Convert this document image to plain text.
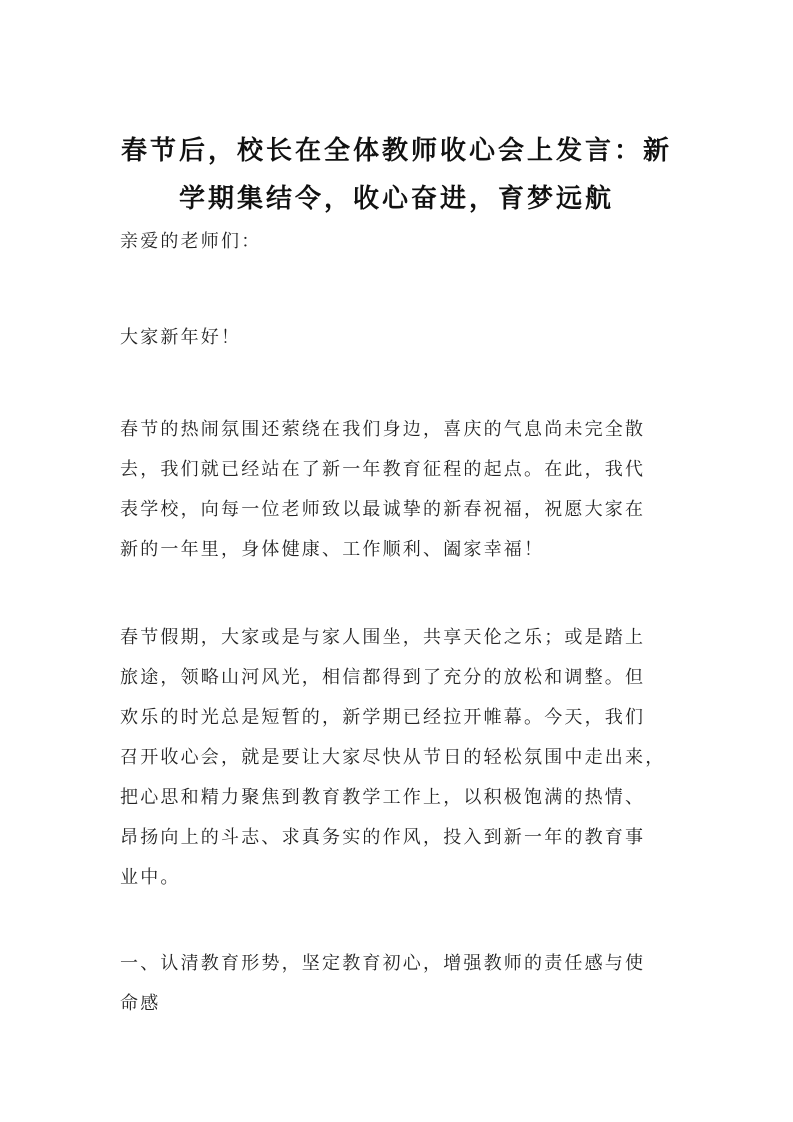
春节后，校长在全体教师收心会上发言：新
学期集结令，收心奋进，育梦远航
亲爱的老师们：
大家新年好！
春节的热闹氛围还萦绕在我们身边，喜庆的气息尚未完全散
去，我们就已经站在了新一年教育征程的起点。在此，我代
表学校，向每一位老师致以最诚挚的新春祝福，祝愿大家在
新的一年里，身体健康、工作顺利、阖家幸福！
春节假期，大家或是与家人围坐，共享天伦之乐；或是踏上
旅途，领略山河风光，相信都得到了充分的放松和调整。但
欢乐的时光总是短暂的，新学期已经拉开帷幕。今天，我们
召开收心会，就是要让大家尽快从节日的轻松氛围中走出来，
把心思和精力聚焦到教育教学工作上，以积极饱满的热情、
昂扬向上的斗志、求真务实的作风，投入到新一年的教育事
业中。
一、认清教育形势，坚定教育初心，增强教师的责任感与使
命感
